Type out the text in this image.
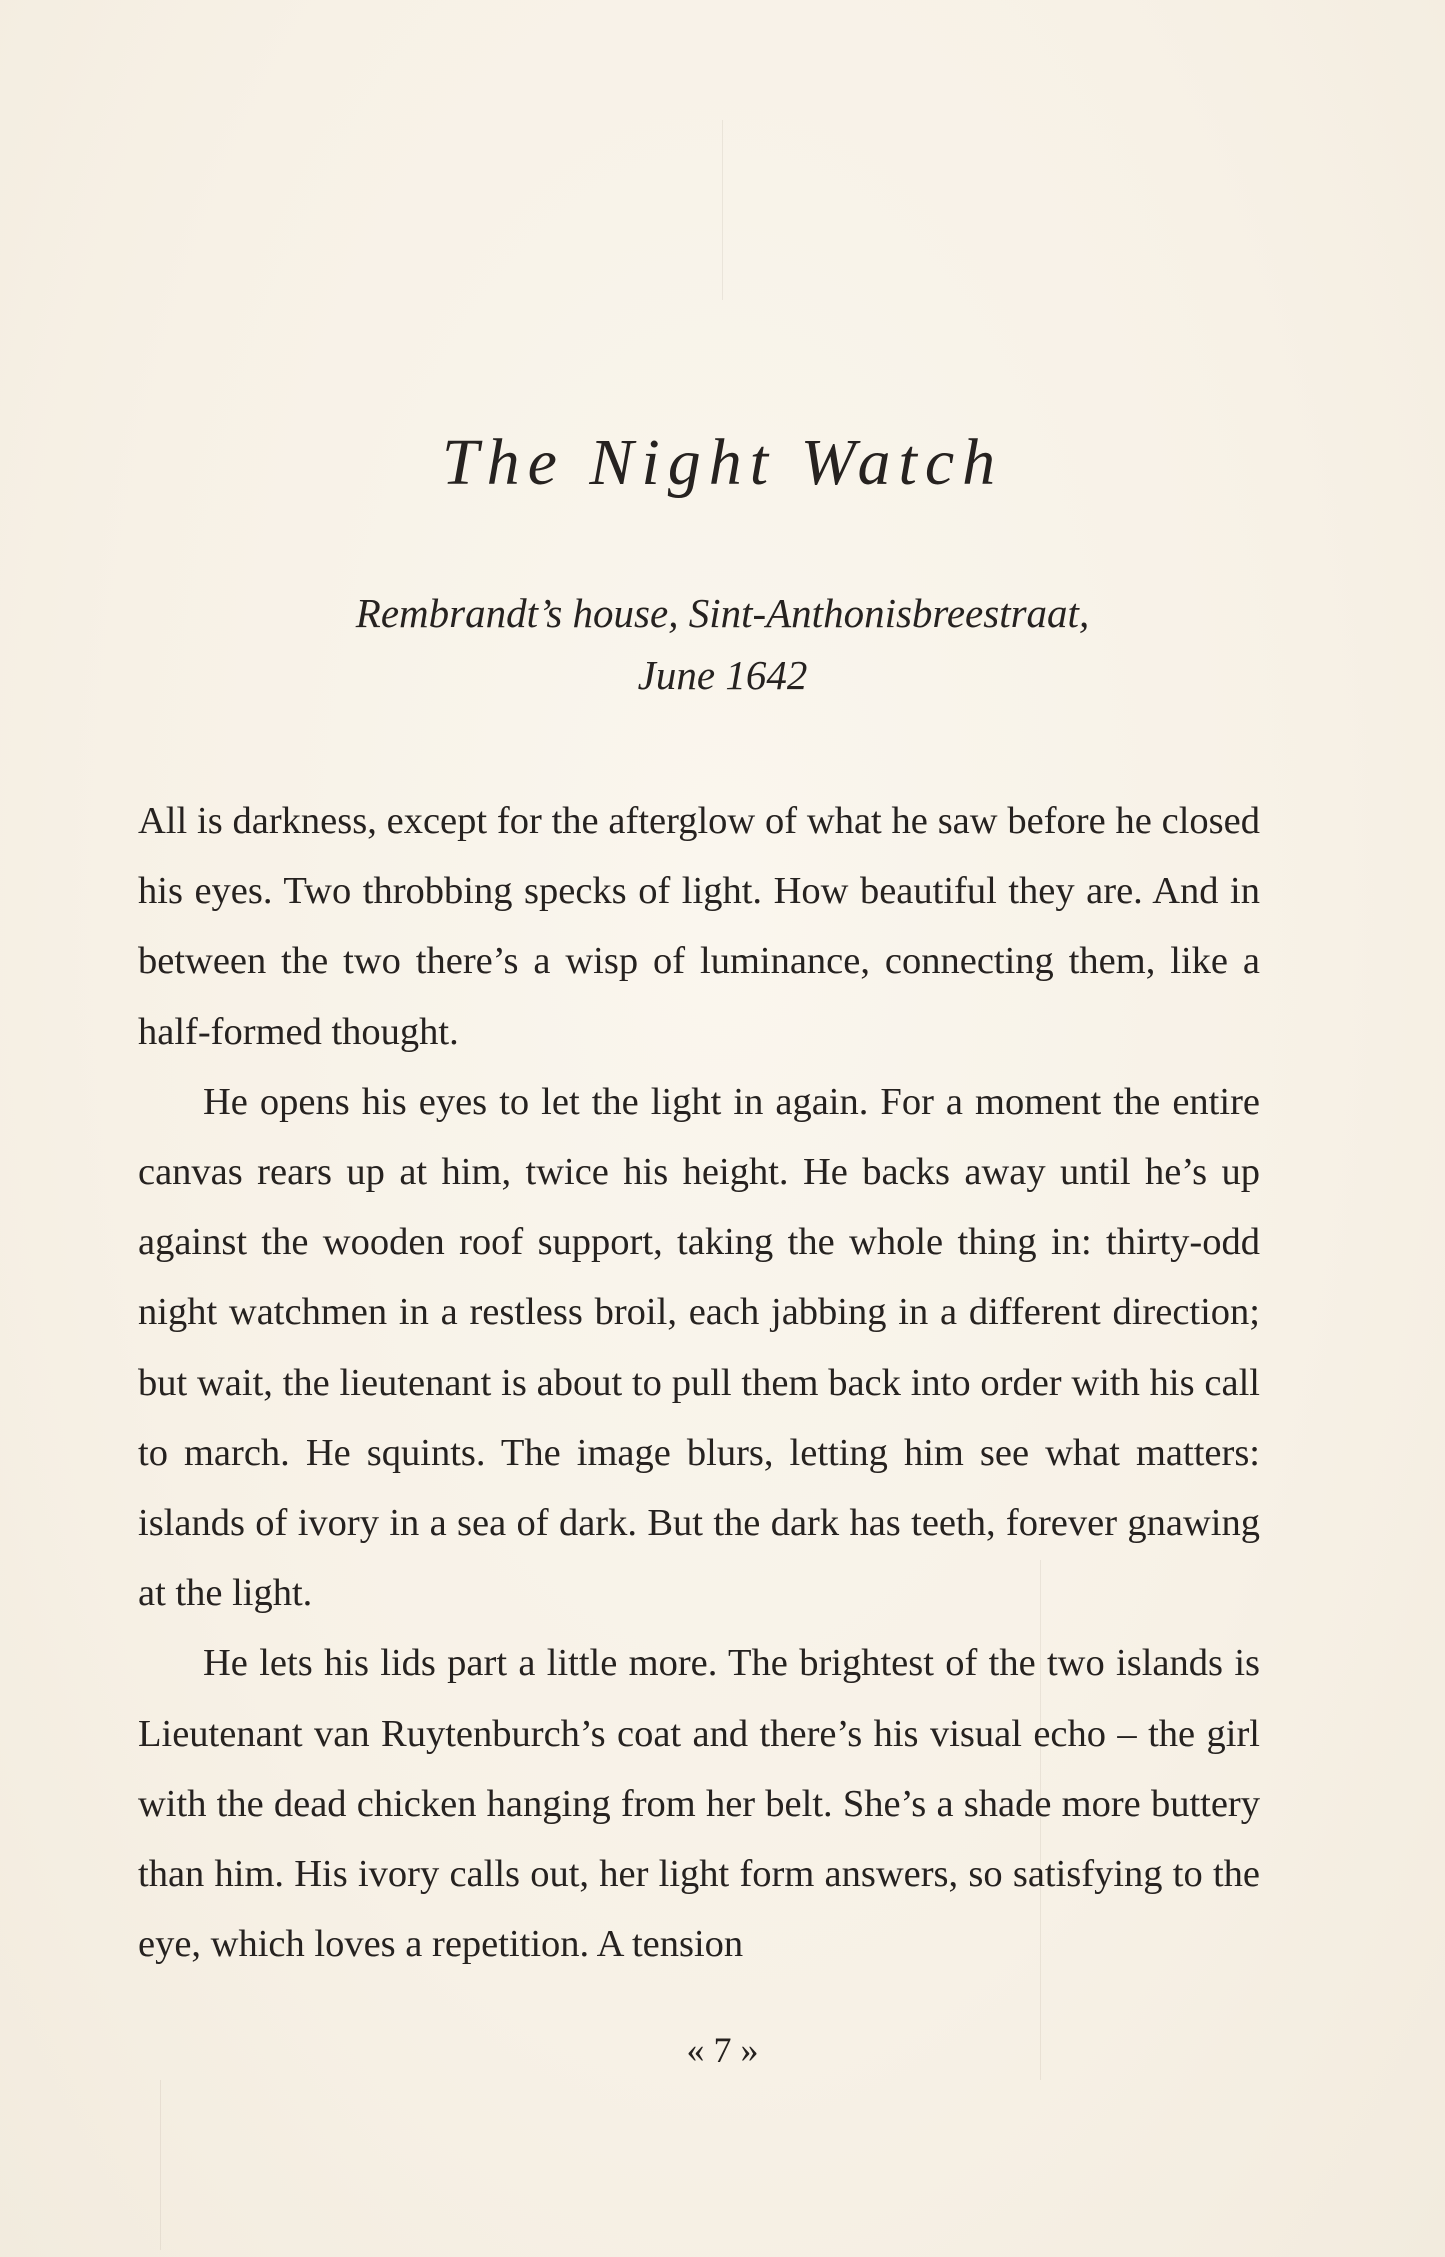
The Night Watch
Rembrandt’s house, Sint-Anthonisbreestraat,
June 1642

All is darkness, except for the afterglow of what he saw before he closed his eyes. Two throbbing specks of light. How beautiful they are. And in between the two there’s a wisp of luminance, connecting them, like a half-formed thought.

He opens his eyes to let the light in again. For a moment the entire canvas rears up at him, twice his height. He backs away until he’s up against the wooden roof support, taking the whole thing in: thirty-odd night watchmen in a restless broil, each jabbing in a different direction; but wait, the lieutenant is about to pull them back into order with his call to march. He squints. The image blurs, letting him see what matters: islands of ivory in a sea of dark. But the dark has teeth, forever gnawing at the light.

He lets his lids part a little more. The brightest of the two islands is Lieutenant van Ruytenburch’s coat and there’s his visual echo – the girl with the dead chicken hanging from her belt. She’s a shade more buttery than him. His ivory calls out, her light form answers, so satisfying to the eye, which loves a repetition. A tension

« 7 »
